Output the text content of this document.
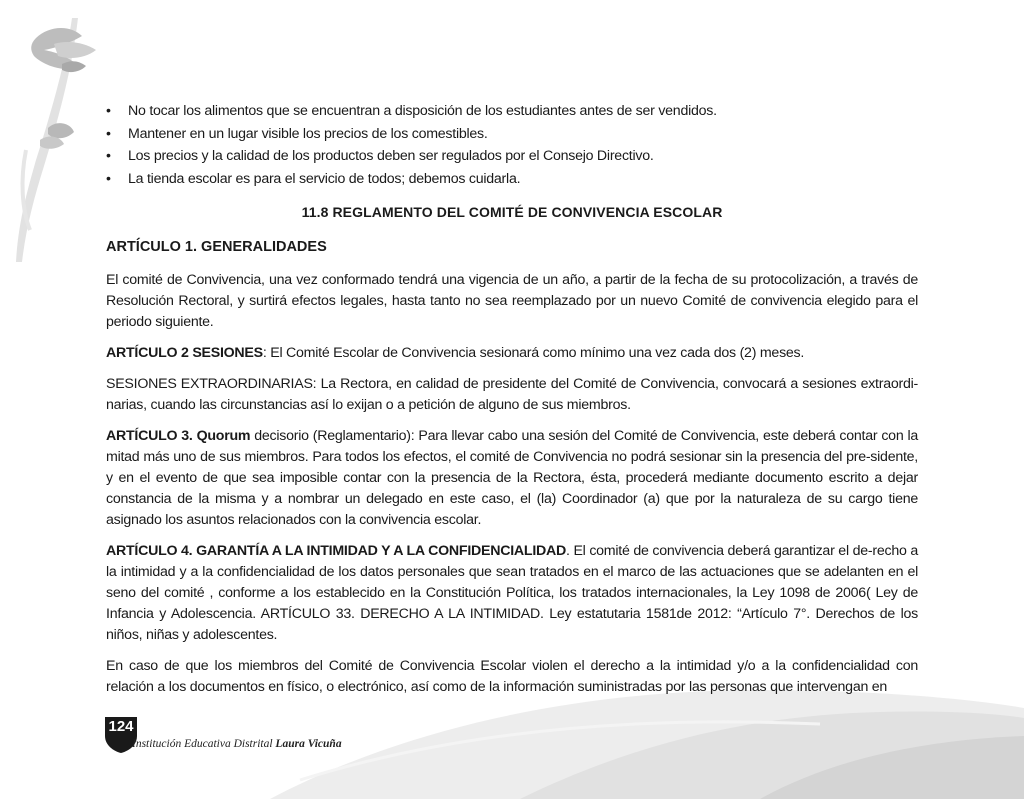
• No tocar los alimentos que se encuentran a disposición de los estudiantes antes de ser vendidos.
• Mantener en un lugar visible los precios de los comestibles.
• Los precios y la calidad de los productos deben ser regulados por el Consejo Directivo.
• La tienda escolar es para el servicio de todos; debemos cuidarla.
11.8 REGLAMENTO DEL COMITÉ DE CONVIVENCIA ESCOLAR
ARTÍCULO 1. GENERALIDADES

El comité de Convivencia, una vez conformado tendrá una vigencia de un año, a partir de la fecha de su protocolización, a través de Resolución Rectoral, y surtirá efectos legales, hasta tanto no sea reemplazado por un nuevo Comité de convivencia elegido para el periodo siguiente.

ARTÍCULO 2 SESIONES: El Comité Escolar de Convivencia sesionará como mínimo una vez cada dos (2) meses.

SESIONES EXTRAORDINARIAS: La Rectora, en calidad de presidente del Comité de Convivencia, convocará a sesiones extraordi-narias, cuando las circunstancias así lo exijan o a petición de alguno de sus miembros.

ARTÍCULO 3. Quorum decisorio (Reglamentario): Para llevar cabo una sesión del Comité de Convivencia, este deberá contar con la mitad más uno de sus miembros. Para todos los efectos, el comité de Convivencia no podrá sesionar sin la presencia del pre-sidente, y en el evento de que sea imposible contar con la presencia de la Rectora, ésta, procederá mediante documento escrito a dejar constancia de la misma y a nombrar un delegado en este caso, el (la) Coordinador (a) que por la naturaleza de su cargo tiene asignado los asuntos relacionados con la convivencia escolar.

ARTÍCULO 4. GARANTÍA A LA INTIMIDAD Y A LA CONFIDENCIALIDAD. El comité de convivencia deberá garantizar el de-recho a la intimidad y a la confidencialidad de los datos personales que sean tratados en el marco de las actuaciones que se adelanten en el seno del comité , conforme a los establecido en la Constitución Política, los tratados internacionales, la Ley 1098 de 2006( Ley de Infancia y Adolescencia. ARTÍCULO 33. DERECHO A LA INTIMIDAD. Ley estatutaria 1581de 2012: “Artículo 7°. Derechos de los niños, niñas y adolescentes.

En caso de que los miembros del Comité de Convivencia Escolar violen el derecho a la intimidad y/o a la confidencialidad con relación a los documentos en físico, o electrónico, así como de la información suministradas por las personas que intervengan en

124
Institución Educativa Distrital Laura Vicuña
